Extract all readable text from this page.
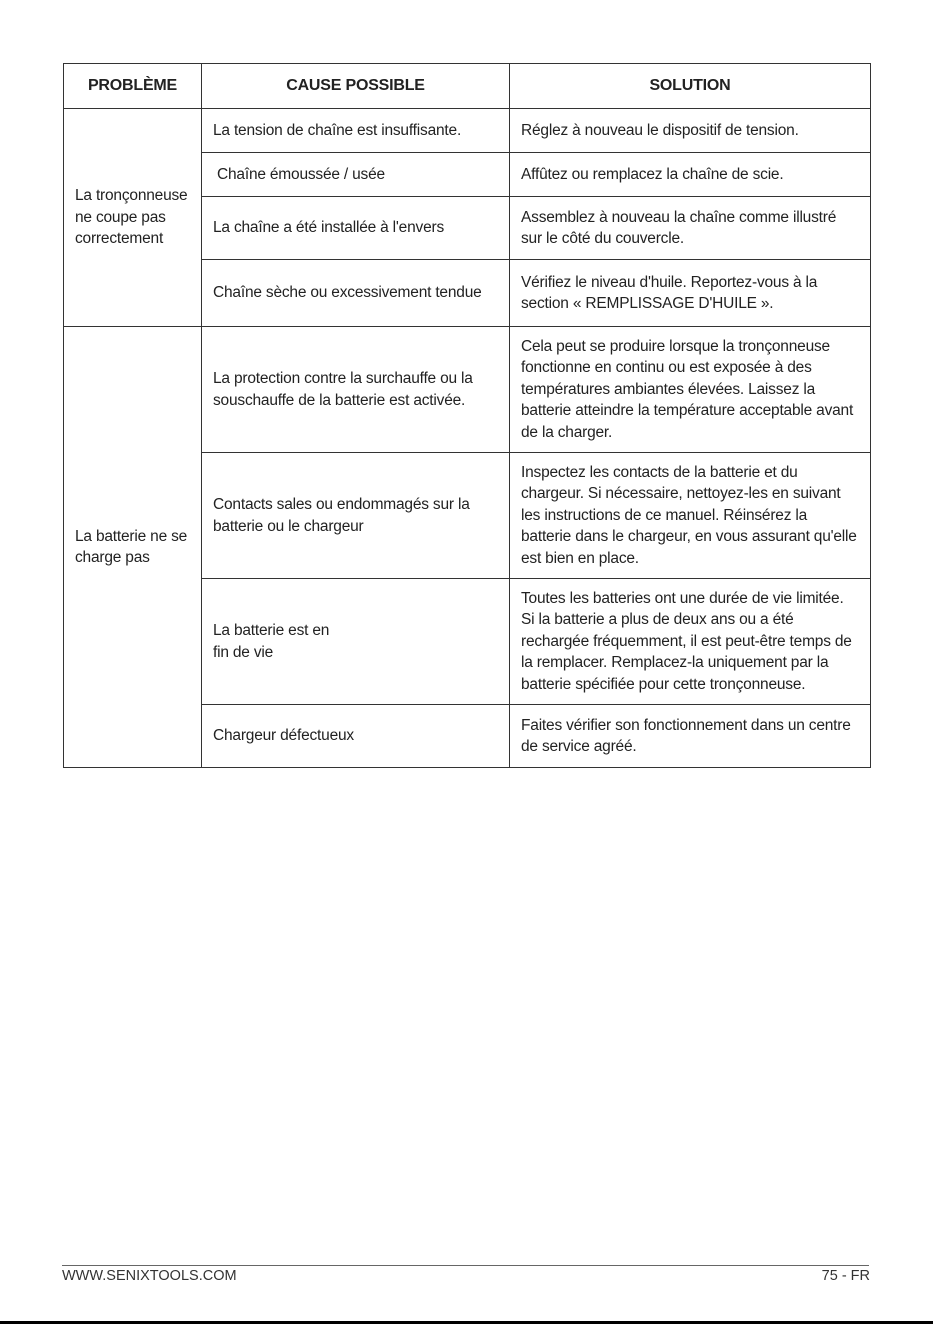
PROBLÈME	CAUSE POSSIBLE	SOLUTION
La tronçonneuse ne coupe pas correctement	La tension de chaîne est insuffisante.	Réglez à nouveau le dispositif de tension.
	Chaîne émoussée / usée	Affûtez ou remplacez la chaîne de scie.
	La chaîne a été installée à l'envers	Assemblez à nouveau la chaîne comme illustré sur le côté du couvercle.
	Chaîne sèche ou excessivement tendue	Vérifiez le niveau d'huile. Reportez-vous à la section « REMPLISSAGE D'HUILE ».
La batterie ne se charge pas	La protection contre la surchauffe ou la souschauffe de la batterie est activée.	Cela peut se produire lorsque la tronçonneuse fonctionne en continu ou est exposée à des températures ambiantes élevées. Laissez la batterie atteindre la température acceptable avant de la charger.
	Contacts sales ou endommagés sur la batterie ou le chargeur	Inspectez les contacts de la batterie et du chargeur. Si nécessaire, nettoyez-les en suivant les instructions de ce manuel. Réinsérez la batterie dans le chargeur, en vous assurant qu'elle est bien en place.
	La batterie est en fin de vie	Toutes les batteries ont une durée de vie limitée. Si la batterie a plus de deux ans ou a été rechargée fréquemment, il est peut-être temps de la remplacer. Remplacez-la uniquement par la batterie spécifiée pour cette tronçonneuse.
	Chargeur défectueux	Faites vérifier son fonctionnement dans un centre de service agréé.
WWW.SENIXTOOLS.COM	75 - FR
